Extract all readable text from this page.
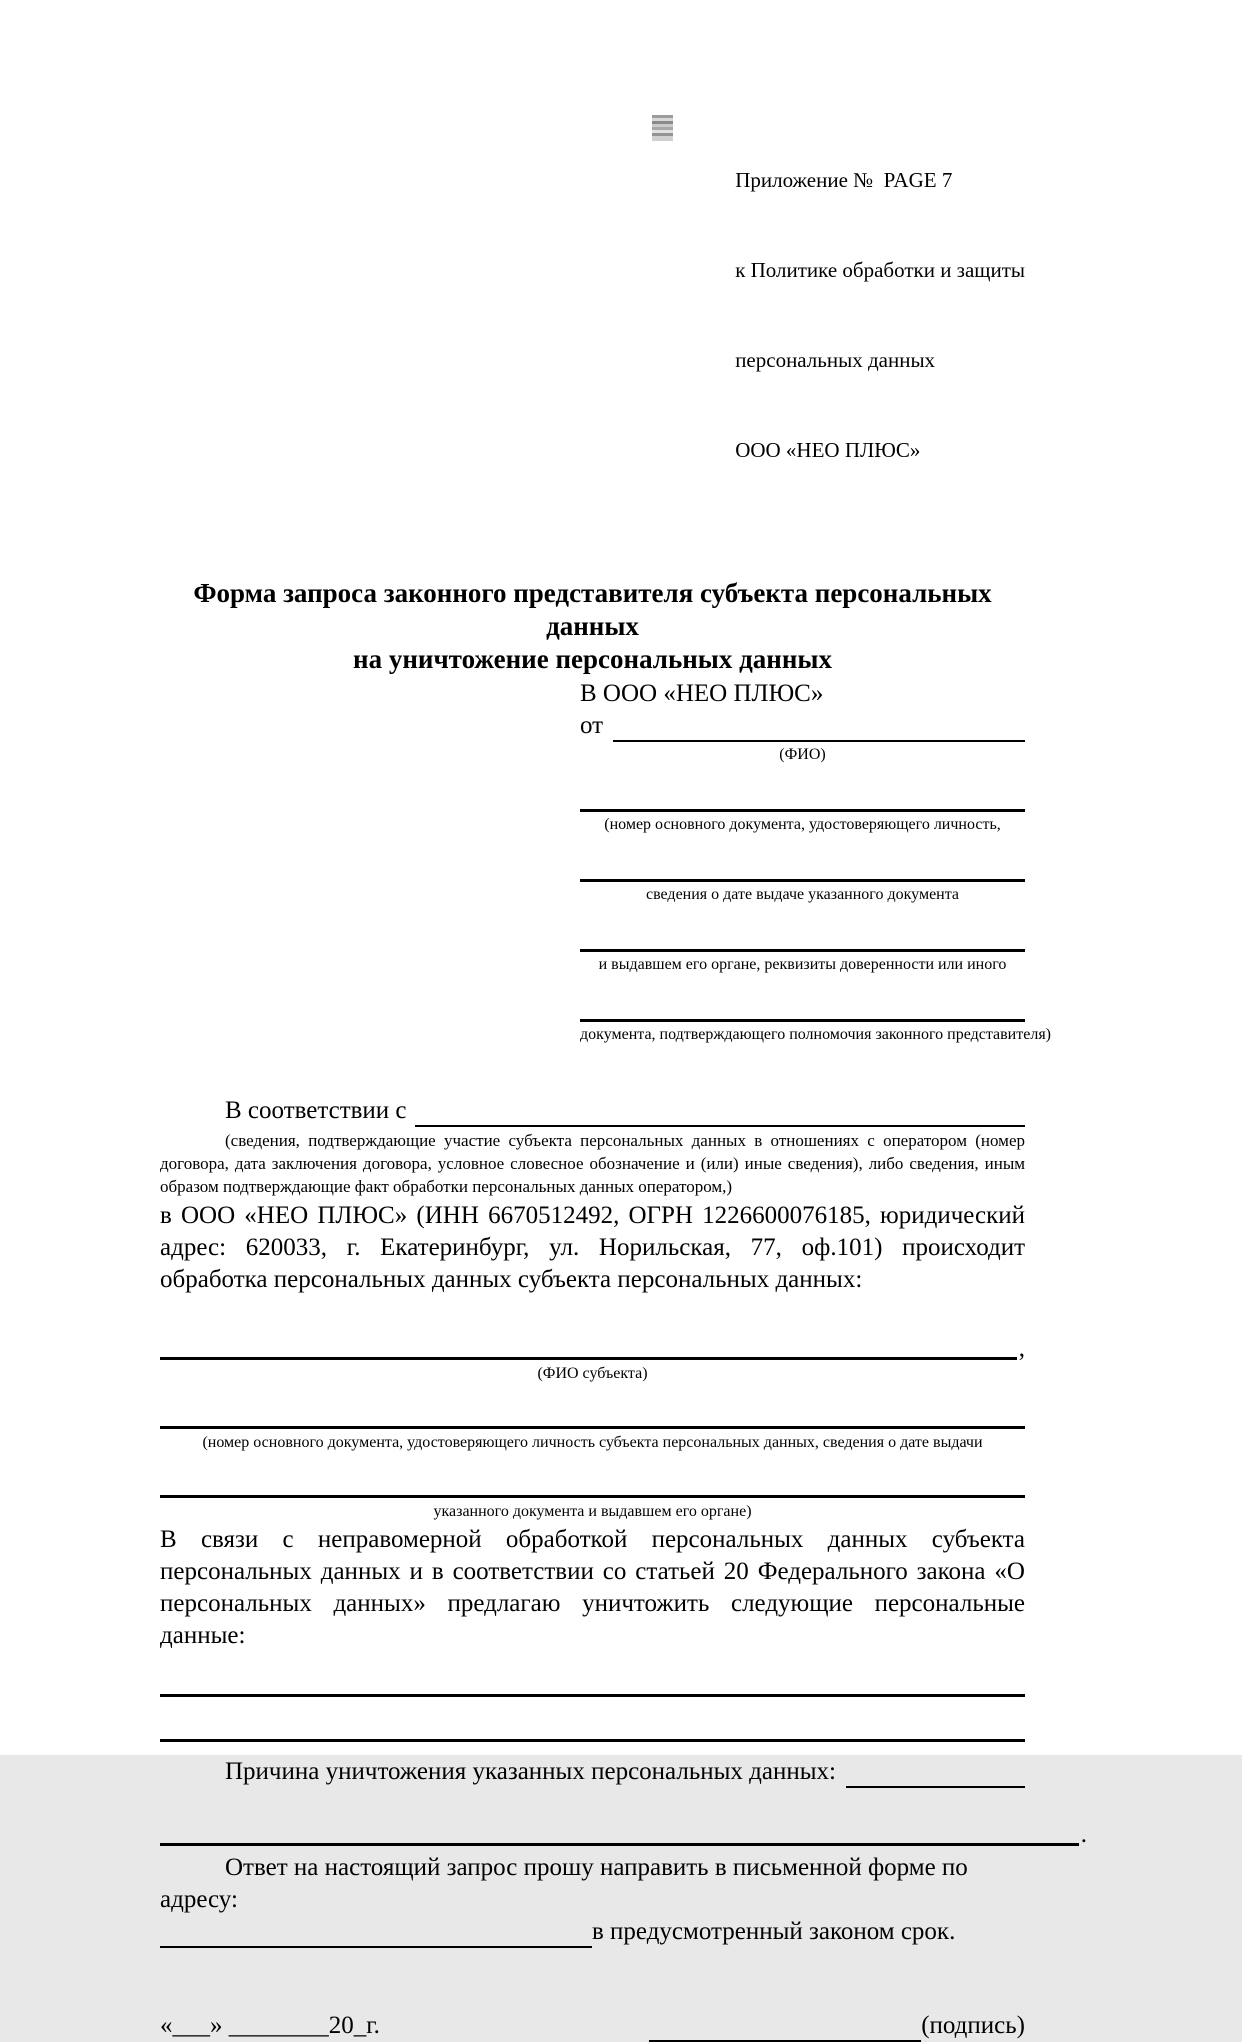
Приложение №  PAGE 7

к Политике обработки и защиты

персональных данных

ООО «НЕО ПЛЮС»

Форма запроса законного представителя субъекта персональных данных
на уничтожение персональных данных
В ООО «НЕО ПЛЮС»
от
(ФИО)
(номер основного документа, удостоверяющего личность,
сведения о дате выдаче указанного документа
и выдавшем его органе, реквизиты доверенности или иного
документа, подтверждающего полномочия законного представителя)
В соответствии с
(сведения, подтверждающие участие субъекта персональных данных в отношениях с оператором (номер договора, дата заключения договора, условное словесное обозначение и (или) иные сведения), либо сведения, иным образом подтверждающие факт обработки персональных данных оператором,)
в ООО «НЕО ПЛЮС» (ИНН 6670512492, ОГРН 1226600076185, юридический адрес: 620033, г. Екатеринбург, ул. Норильская, 77, оф.101) происходит обработка персональных данных субъекта персональных данных:
,
(ФИО субъекта)
(номер основного документа, удостоверяющего личность субъекта персональных данных, сведения о дате выдачи
указанного документа и выдавшем его органе)
В связи с неправомерной обработкой персональных данных субъекта персональных данных и в соответствии со статьей 20 Федерального закона «О персональных данных» предлагаю уничтожить следующие персональные данные:
Причина уничтожения указанных персональных данных:
.
Ответ на настоящий запрос прошу направить в письменной форме по адресу:
в предусмотренный законом срок.
«___» ________20_г.	(подпись)
